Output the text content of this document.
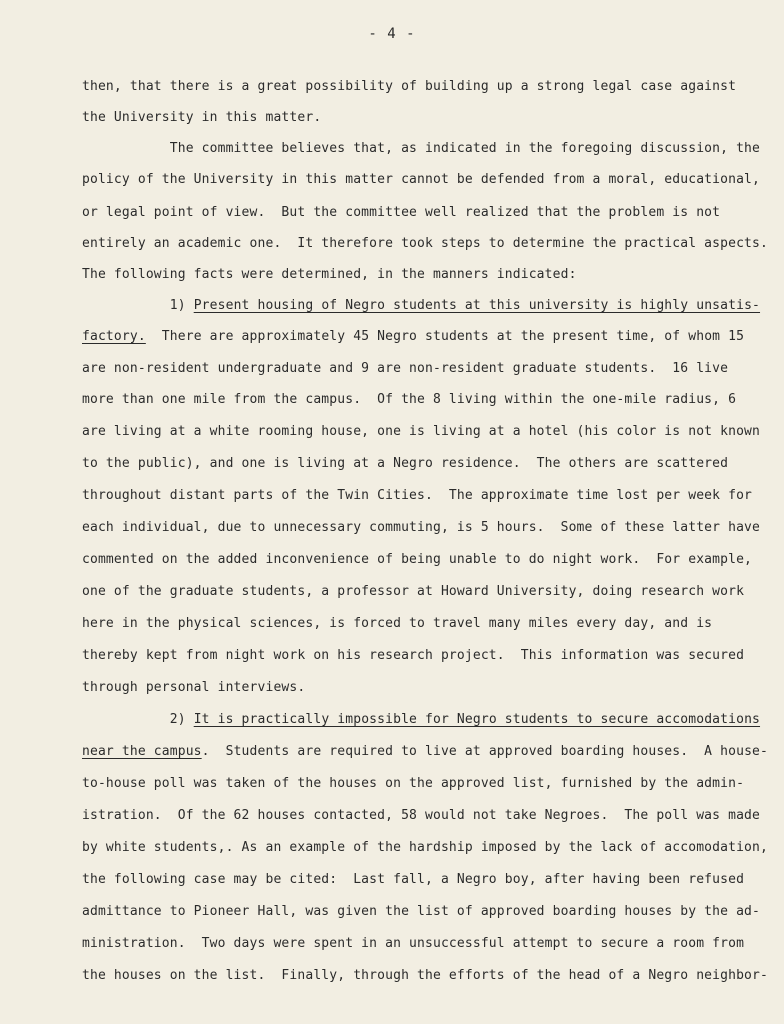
- 4 -
then, that there is a great possibility of building up a strong legal case against
the University in this matter.
The committee believes that, as indicated in the foregoing discussion, the
policy of the University in this matter cannot be defended from a moral, educational,
or legal point of view.  But the committee well realized that the problem is not
entirely an academic one.  It therefore took steps to determine the practical aspects.
The following facts were determined, in the manners indicated:
1) Present housing of Negro students at this university is highly unsatis-
factory.  There are approximately 45 Negro students at the present time, of whom 15
are non-resident undergraduate and 9 are non-resident graduate students.  16 live
more than one mile from the campus.  Of the 8 living within the one-mile radius, 6
are living at a white rooming house, one is living at a hotel (his color is not known
to the public), and one is living at a Negro residence.  The others are scattered
throughout distant parts of the Twin Cities.  The approximate time lost per week for
each individual, due to unnecessary commuting, is 5 hours.  Some of these latter have
commented on the added inconvenience of being unable to do night work.  For example,
one of the graduate students, a professor at Howard University, doing research work
here in the physical sciences, is forced to travel many miles every day, and is
thereby kept from night work on his research project.  This information was secured
through personal interviews.
2) It is practically impossible for Negro students to secure accomodations
near the campus.  Students are required to live at approved boarding houses.  A house-
to-house poll was taken of the houses on the approved list, furnished by the admin-
istration.  Of the 62 houses contacted, 58 would not take Negroes.  The poll was made
by white students,. As an example of the hardship imposed by the lack of accomodation,
the following case may be cited:  Last fall, a Negro boy, after having been refused
admittance to Pioneer Hall, was given the list of approved boarding houses by the ad-
ministration.  Two days were spent in an unsuccessful attempt to secure a room from
the houses on the list.  Finally, through the efforts of the head of a Negro neighbor-
